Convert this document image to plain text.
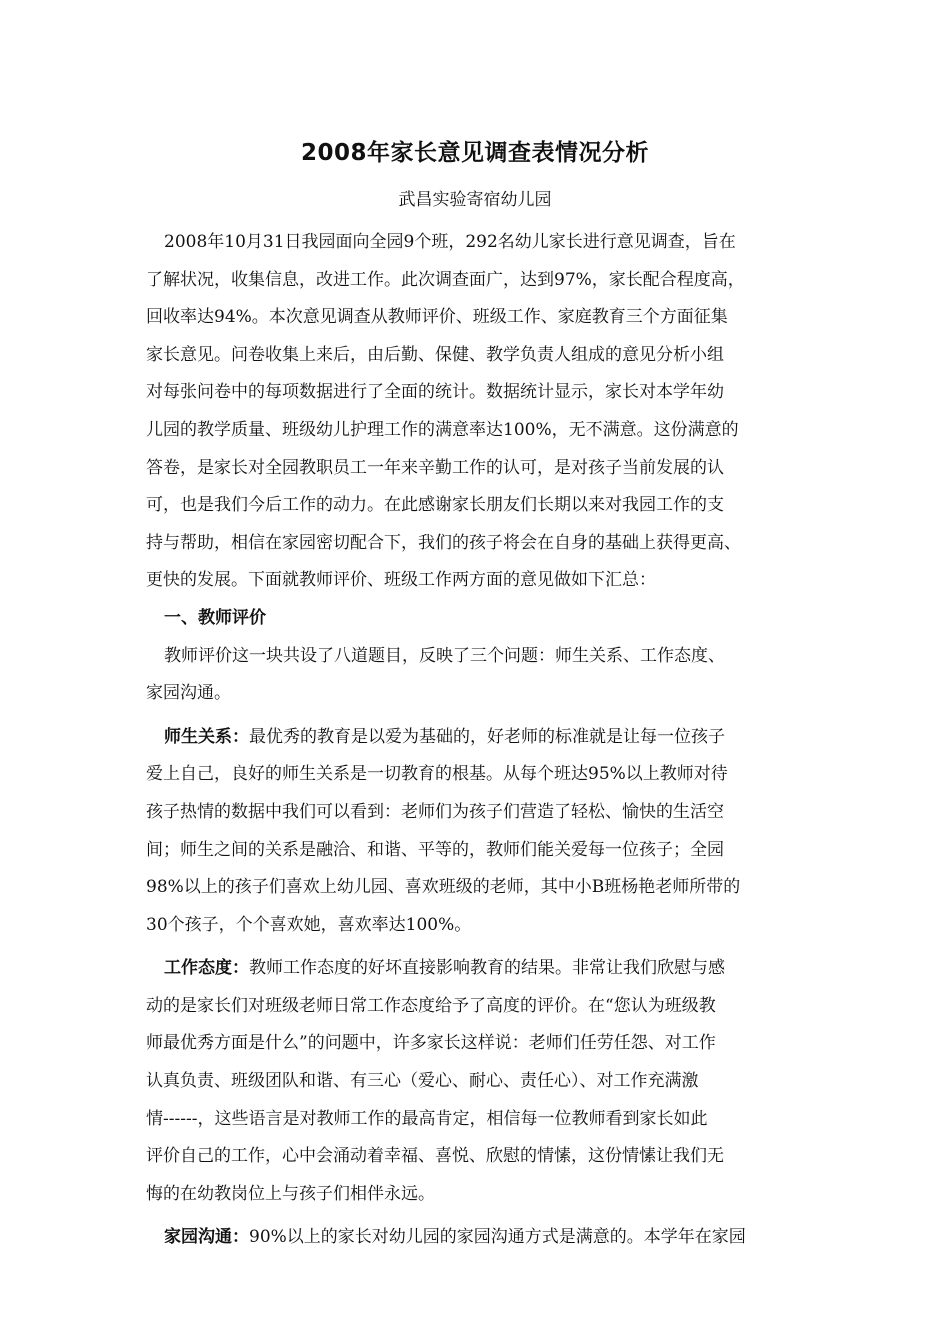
2008年家长意见调查表情况分析
武昌实验寄宿幼儿园
2008年10月31日我园面向全园9个班，292名幼儿家长进行意见调查，旨在
了解状况，收集信息，改进工作。此次调查面广，达到97%，家长配合程度高，
回收率达94%。本次意见调查从教师评价、班级工作、家庭教育三个方面征集
家长意见。问卷收集上来后，由后勤、保健、教学负责人组成的意见分析小组
对每张问卷中的每项数据进行了全面的统计。数据统计显示，家长对本学年幼
儿园的教学质量、班级幼儿护理工作的满意率达100%，无不满意。这份满意的
答卷，是家长对全园教职员工一年来辛勤工作的认可，是对孩子当前发展的认
可，也是我们今后工作的动力。在此感谢家长朋友们长期以来对我园工作的支
持与帮助，相信在家园密切配合下，我们的孩子将会在自身的基础上获得更高、
更快的发展。下面就教师评价、班级工作两方面的意见做如下汇总：
一、教师评价
教师评价这一块共设了八道题目，反映了三个问题：师生关系、工作态度、
家园沟通。
师生关系：最优秀的教育是以爱为基础的，好老师的标准就是让每一位孩子
爱上自己，良好的师生关系是一切教育的根基。从每个班达95%以上教师对待
孩子热情的数据中我们可以看到：老师们为孩子们营造了轻松、愉快的生活空
间；师生之间的关系是融洽、和谐、平等的，教师们能关爱每一位孩子；全园
98%以上的孩子们喜欢上幼儿园、喜欢班级的老师，其中小B班杨艳老师所带的
30个孩子，个个喜欢她，喜欢率达100%。
工作态度：教师工作态度的好坏直接影响教育的结果。非常让我们欣慰与感
动的是家长们对班级老师日常工作态度给予了高度的评价。在“您认为班级教
师最优秀方面是什么”的问题中，许多家长这样说：老师们任劳任怨、对工作
认真负责、班级团队和谐、有三心（爱心、耐心、责任心）、对工作充满激
情------，这些语言是对教师工作的最高肯定，相信每一位教师看到家长如此
评价自己的工作，心中会涌动着幸福、喜悦、欣慰的情愫，这份情愫让我们无
悔的在幼教岗位上与孩子们相伴永远。
家园沟通：90%以上的家长对幼儿园的家园沟通方式是满意的。本学年在家园
